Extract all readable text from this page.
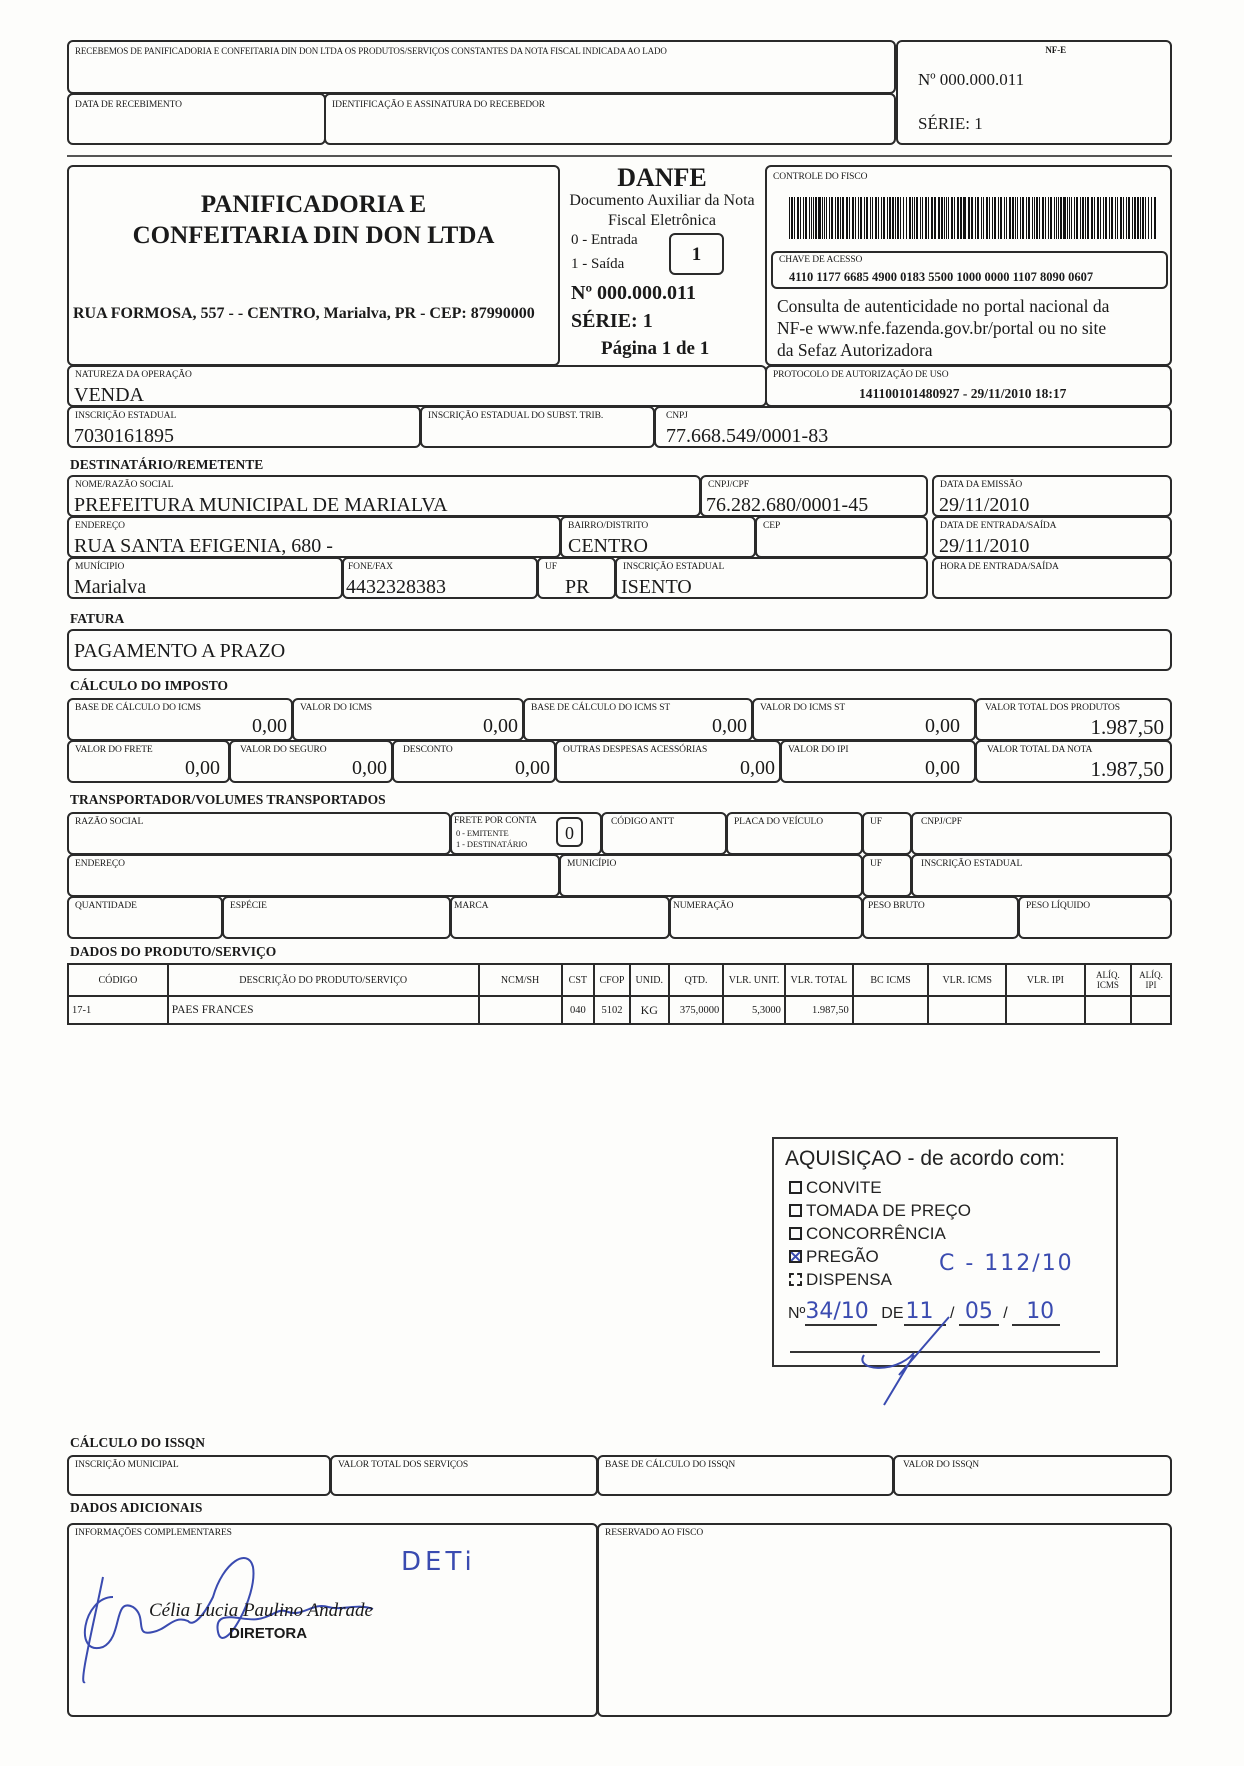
RECEBEMOS DE PANIFICADORIA E CONFEITARIA DIN DON LTDA OS PRODUTOS/SERVIÇOS CONSTANTES DA NOTA FISCAL INDICADA AO LADO
DATA DE RECEBIMENTO	IDENTIFICAÇÃO E ASSINATURA DO RECEBEDOR
NF-E
Nº 000.000.011
SÉRIE: 1
PANIFICADORIA E
CONFEITARIA DIN DON LTDA
RUA FORMOSA, 557 - - CENTRO, Marialva, PR - CEP: 87990000
DANFE
Documento Auxiliar da Nota
Fiscal Eletrônica
0 - Entrada
1 - Saída	1
Nº 000.000.011
SÉRIE: 1
Página 1 de 1
CONTROLE DO FISCO
CHAVE DE ACESSO
4110 1177 6685 4900 0183 5500 1000 0000 1107 8090 0607
Consulta de autenticidade no portal nacional da
NF-e www.nfe.fazenda.gov.br/portal ou no site
da Sefaz Autorizadora
NATUREZA DA OPERAÇÃO
VENDA
PROTOCOLO DE AUTORIZAÇÃO DE USO
141100101480927 - 29/11/2010 18:17
INSCRIÇÃO ESTADUAL
7030161895
INSCRIÇÃO ESTADUAL DO SUBST. TRIB.	CNPJ
77.668.549/0001-83
DESTINATÁRIO/REMETENTE
NOME/RAZÃO SOCIAL
PREFEITURA MUNICIPAL DE MARIALVA
CNPJ/CPF
76.282.680/0001-45
DATA DA EMISSÃO
29/11/2010
ENDEREÇO
RUA SANTA EFIGENIA, 680 -
BAIRRO/DISTRITO
CENTRO
CEP	DATA DE ENTRADA/SAÍDA
29/11/2010
MUNÍCIPIO
Marialva
FONE/FAX
4432328383
UF
PR
INSCRIÇÃO ESTADUAL
ISENTO
HORA DE ENTRADA/SAÍDA
FATURA
PAGAMENTO A PRAZO
CÁLCULO DO IMPOSTO
BASE DE CÁLCULO DO ICMS
0,00
VALOR DO ICMS
0,00
BASE DE CÁLCULO DO ICMS ST
0,00
VALOR DO ICMS ST
0,00
VALOR TOTAL DOS PRODUTOS
1.987,50
VALOR DO FRETE
0,00
VALOR DO SEGURO
0,00
DESCONTO
0,00
OUTRAS DESPESAS ACESSÓRIAS
0,00
VALOR DO IPI
0,00
VALOR TOTAL DA NOTA
1.987,50
TRANSPORTADOR/VOLUMES TRANSPORTADOS
RAZÃO SOCIAL	FRETE POR CONTA
0 - EMITENTE
1 - DESTINATÁRIO
0
CÓDIGO ANTT	PLACA DO VEÍCULO	UF	CNPJ/CPF
ENDEREÇO	MUNICÍPIO	UF	INSCRIÇÃO ESTADUAL
QUANTIDADE	ESPÉCIE	MARCA	NUMERAÇÃO	PESO BRUTO	PESO LÍQUIDO
DADOS DO PRODUTO/SERVIÇO
CÓDIGO	DESCRIÇÃO DO PRODUTO/SERVIÇO	NCM/SH	CST	CFOP	UNID.	QTD.	VLR. UNIT.	VLR. TOTAL	BC ICMS	VLR. ICMS	VLR. IPI	ALÍQ. ICMS	ALÍQ. IPI
17-1	PAES FRANCES		040	5102	KG	375,0000	5,3000	1.987,50					
AQUISIÇAO - de acordo com:
CONVITE
TOMADA DE PREÇO
CONCORRÊNCIA
PREGÃO
DISPENSA
C - 112/10
Nº34/10 DE11 / 05 / 10
CÁLCULO DO ISSQN
INSCRIÇÃO MUNICIPAL	VALOR TOTAL DOS SERVIÇOS	BASE DE CÁLCULO DO ISSQN	VALOR DO ISSQN
DADOS ADICIONAIS
INFORMAÇÕES COMPLEMENTARES
DETi
Célia Lucia Paulino Andrade
DIRETORA
RESERVADO AO FISCO
